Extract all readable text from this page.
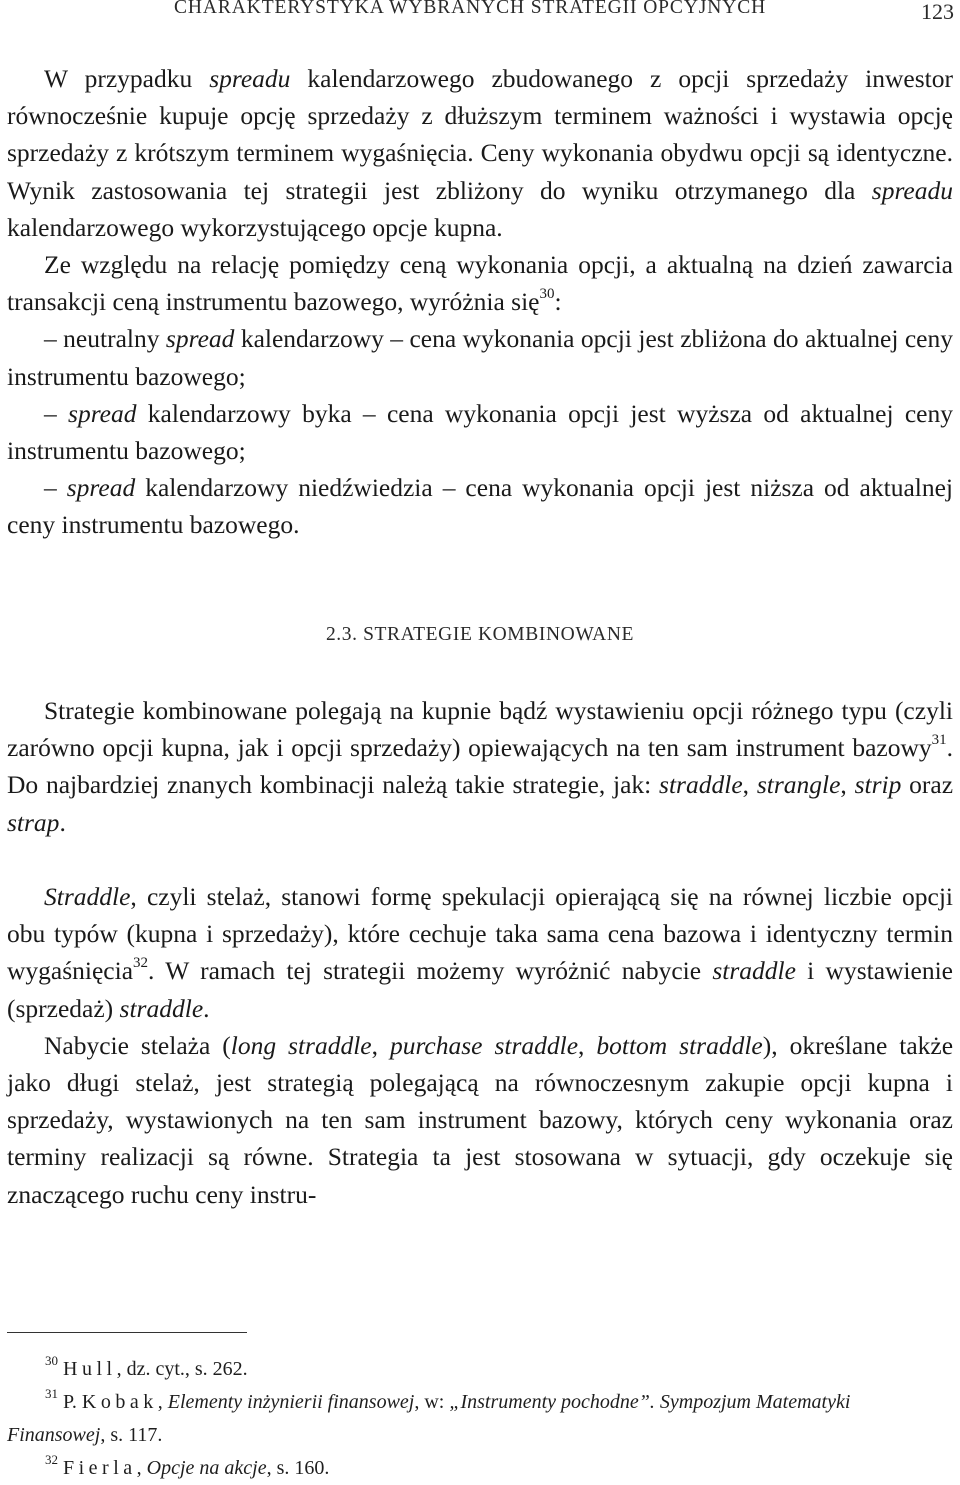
CHARAKTERYSTYKA WYBRANYCH STRATEGII OPCYJNYCH	123

W przypadku spreadu kalendarzowego zbudowanego z opcji sprzedaży inwestor równocześnie kupuje opcję sprzedaży z dłuższym terminem ważności i wystawia opcję sprzedaży z krótszym terminem wygaśnięcia. Ceny wykonania obydwu opcji są identyczne. Wynik zastosowania tej strategii jest zbliżony do wyniku otrzymanego dla spreadu kalendarzowego wykorzystującego opcje kupna.

Ze względu na relację pomiędzy ceną wykonania opcji, a aktualną na dzień zawarcia transakcji ceną instrumentu bazowego, wyróżnia się$^{30}$:

– neutralny spread kalendarzowy – cena wykonania opcji jest zbliżona do aktualnej ceny instrumentu bazowego;

– spread kalendarzowy byka – cena wykonania opcji jest wyższa od aktualnej ceny instrumentu bazowego;

– spread kalendarzowy niedźwiedzia – cena wykonania opcji jest niższa od aktualnej ceny instrumentu bazowego.

2.3. STRATEGIE KOMBINOWANE

Strategie kombinowane polegają na kupnie bądź wystawieniu opcji różnego typu (czyli zarówno opcji kupna, jak i opcji sprzedaży) opiewających na ten sam instrument bazowy$^{31}$. Do najbardziej znanych kombinacji należą takie strategie, jak: straddle, strangle, strip oraz strap.

Straddle, czyli stelaż, stanowi formę spekulacji opierającą się na równej liczbie opcji obu typów (kupna i sprzedaży), które cechuje taka sama cena bazowa i identyczny termin wygaśnięcia$^{32}$. W ramach tej strategii możemy wyróżnić nabycie straddle i wystawienie (sprzedaż) straddle.

Nabycie stelaża (long straddle, purchase straddle, bottom straddle), określane także jako długi stelaż, jest strategią polegającą na równoczesnym zakupie opcji kupna i sprzedaży, wystawionych na ten sam instrument bazowy, których ceny wykonania oraz terminy realizacji są równe. Strategia ta jest stosowana w sytuacji, gdy oczekuje się znaczącego ruchu ceny instru-

$^{30}$ Hull, dz. cyt., s. 262.

$^{31}$ P. Kobak, Elementy inżynierii finansowej, w: „Instrumenty pochodne”. Sympozjum Matematyki Finansowej, s. 117.

$^{32}$ Fierla, Opcje na akcje, s. 160.
